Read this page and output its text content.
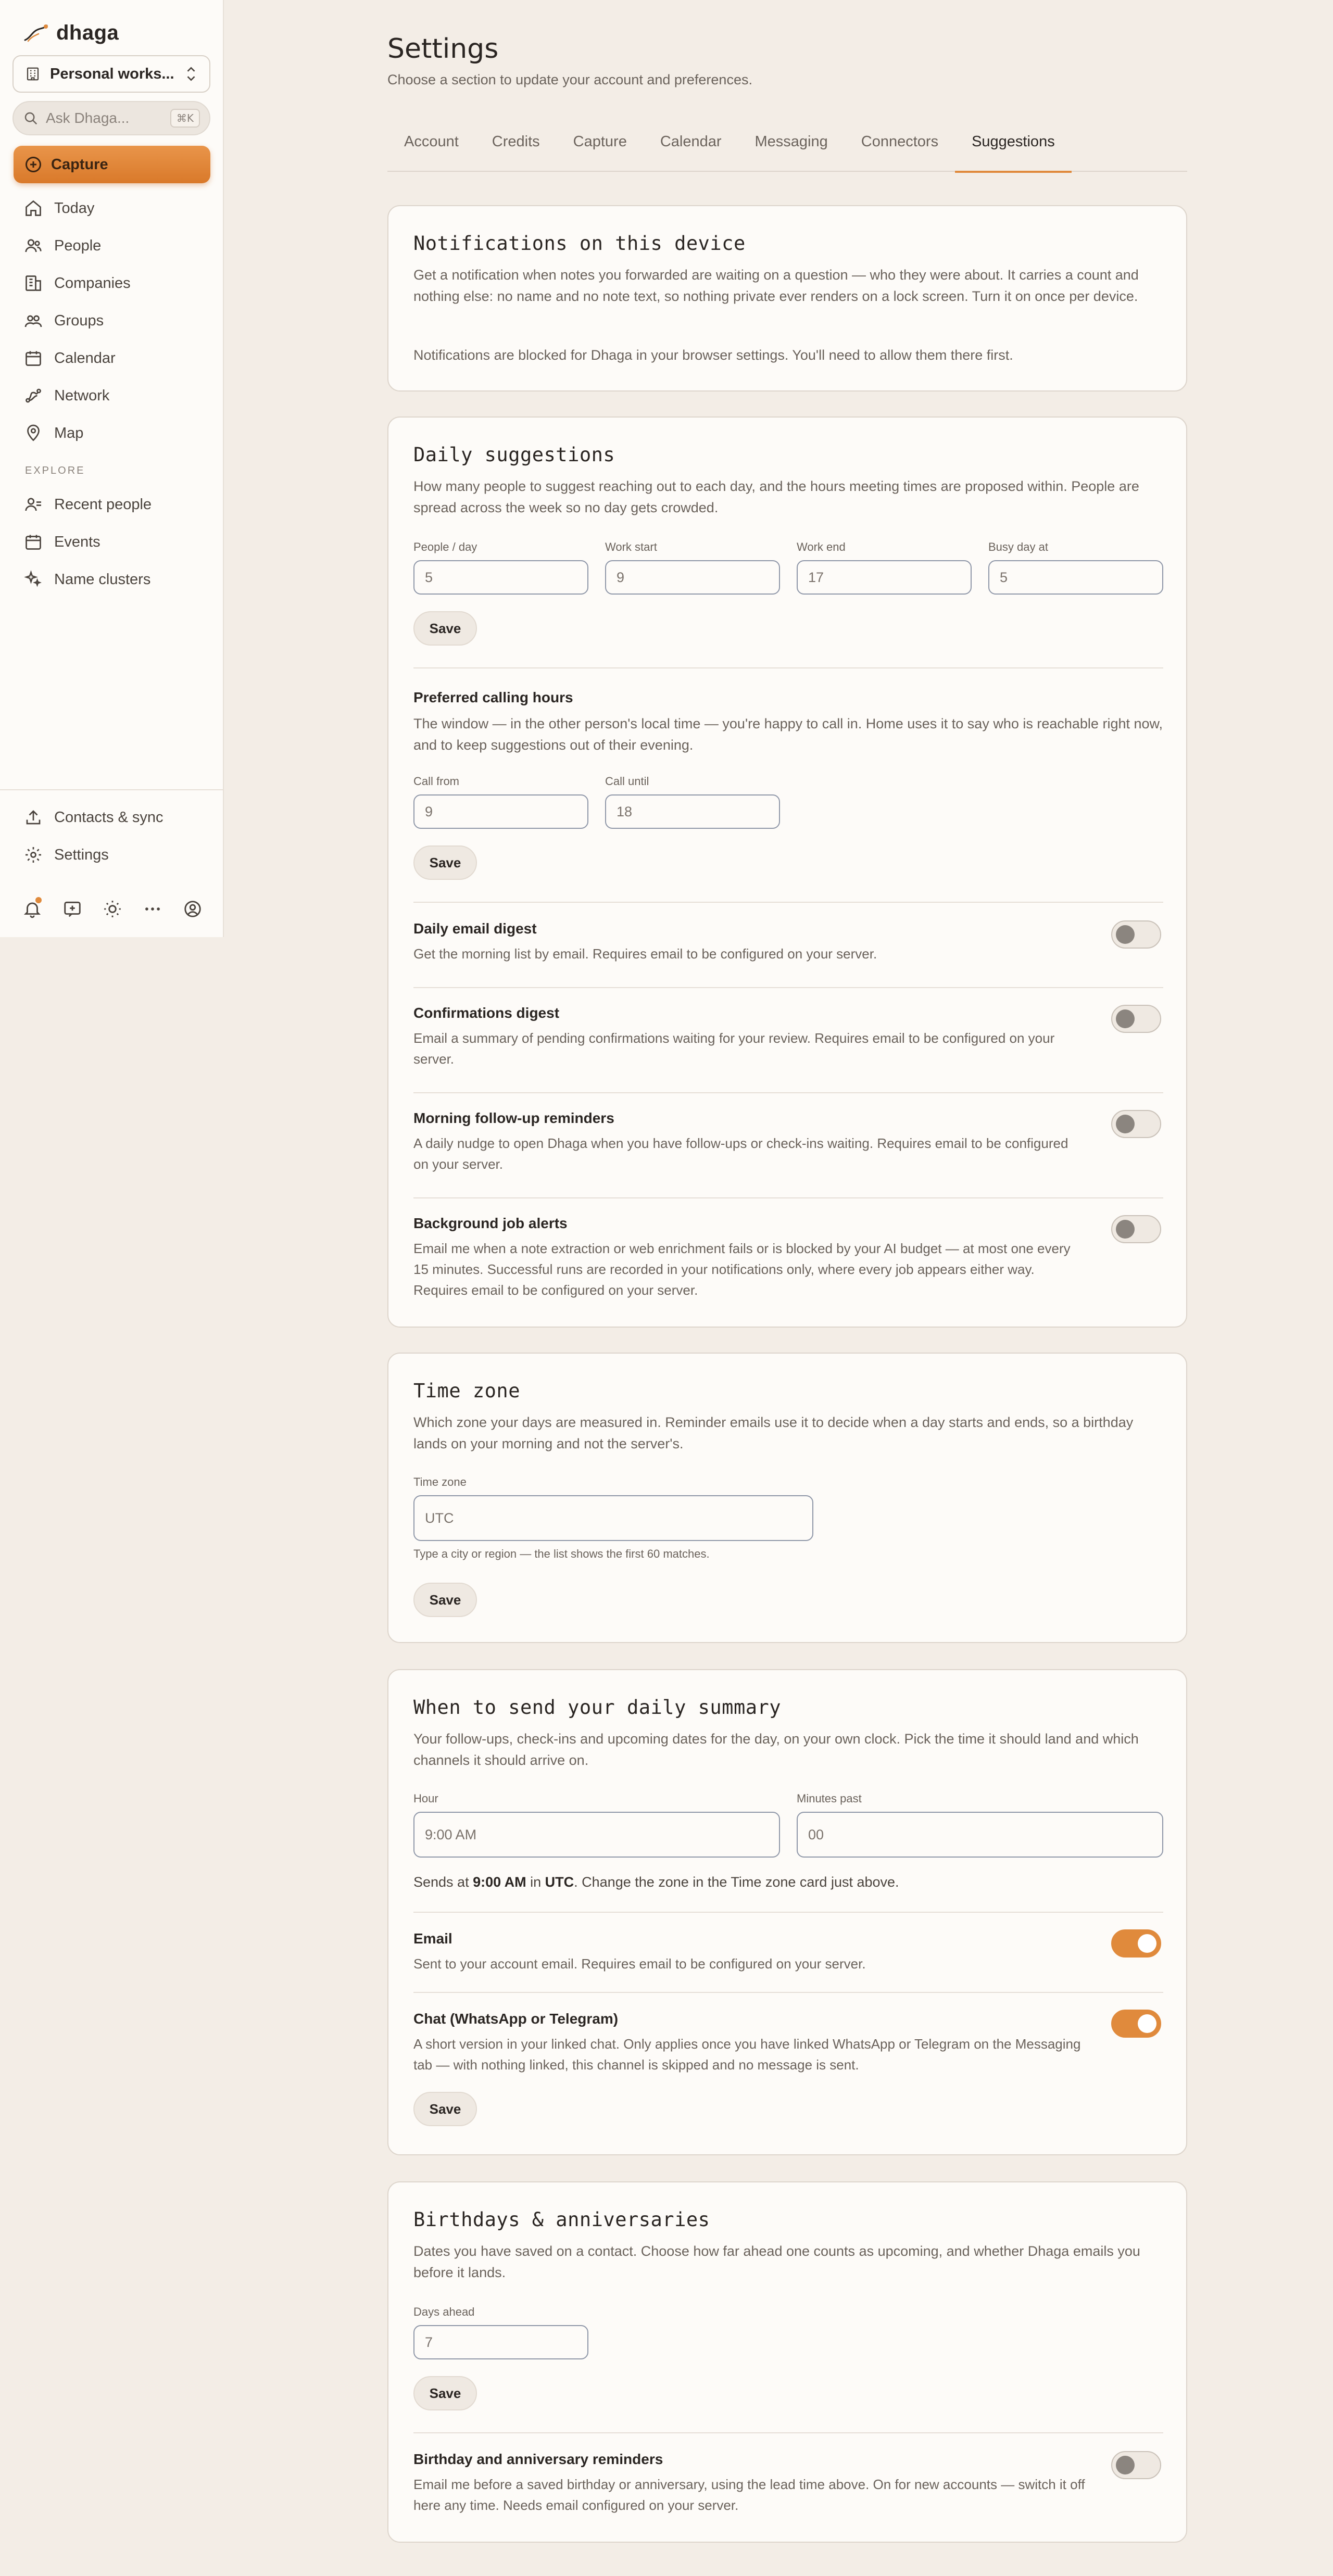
dhaga
Personal works...
Ask Dhaga...	⌘K
Capture
Today
People
Companies
Groups
Calendar
Network
Map
EXPLORE
Recent people
Events
Name clusters
Contacts & sync
Settings
Settings

Choose a section to update your account and preferences.

Account	Credits	Capture	Calendar	Messaging	Connectors	Suggestions
Notifications on this device

Get a notification when notes you forwarded are waiting on a question — who they were about. It carries a count and nothing else: no name and no note text, so nothing private ever renders on a lock screen. Turn it on once per device.

Notifications are blocked for Dhaga in your browser settings. You'll need to allow them there first.

Daily suggestions

How many people to suggest reaching out to each day, and the hours meeting times are proposed within. People are spread across the week so no day gets crowded.

People / day
5
Work start
9
Work end
17
Busy day at
5
Save
Preferred calling hours

The window — in the other person's local time — you're happy to call in. Home uses it to say who is reachable right now, and to keep suggestions out of their evening.

Call from
9
Call until
18
Save
Daily email digest

Get the morning list by email. Requires email to be configured on your server.

Confirmations digest

Email a summary of pending confirmations waiting for your review. Requires email to be configured on your server.

Morning follow-up reminders

A daily nudge to open Dhaga when you have follow-ups or check-ins waiting. Requires email to be configured on your server.

Background job alerts

Email me when a note extraction or web enrichment fails or is blocked by your AI budget — at most one every 15 minutes. Successful runs are recorded in your notifications only, where every job appears either way. Requires email to be configured on your server.

Time zone

Which zone your days are measured in. Reminder emails use it to decide when a day starts and ends, so a birthday lands on your morning and not the server's.

Time zone
UTC
Type a city or region — the list shows the first 60 matches.
Save
When to send your daily summary

Your follow-ups, check-ins and upcoming dates for the day, on your own clock. Pick the time it should land and which channels it should arrive on.

Hour
9:00 AM
Minutes past
00

Sends at 9:00 AM in UTC. Change the zone in the Time zone card just above.

Email

Sent to your account email. Requires email to be configured on your server.

Chat (WhatsApp or Telegram)

A short version in your linked chat. Only applies once you have linked WhatsApp or Telegram on the Messaging tab — with nothing linked, this channel is skipped and no message is sent.

Save
Birthdays & anniversaries

Dates you have saved on a contact. Choose how far ahead one counts as upcoming, and whether Dhaga emails you before it lands.

Days ahead
7
Save
Birthday and anniversary reminders

Email me before a saved birthday or anniversary, using the lead time above. On for new accounts — switch it off here any time. Needs email configured on your server.
